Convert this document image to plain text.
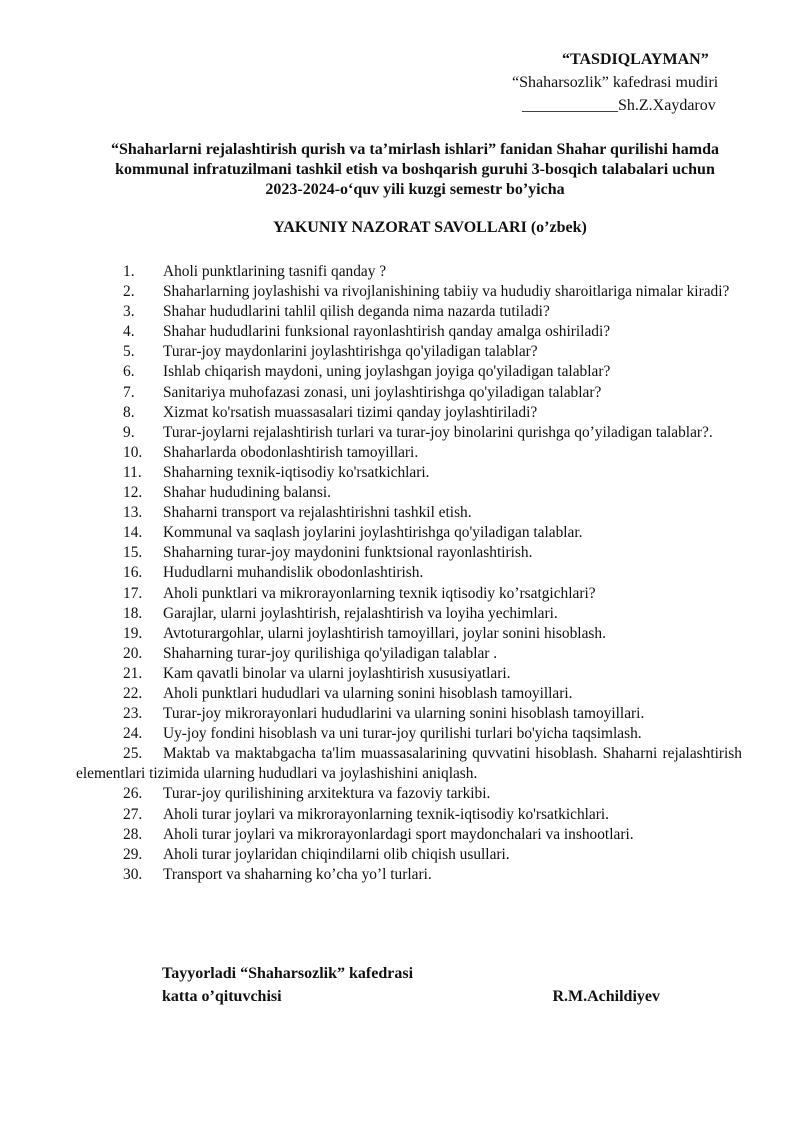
“TASDIQLAYMAN”
“Shaharsozlik” kafedrasi mudiri
____________Sh.Z.Xaydarov
“Shaharlarni rejalashtirish qurish va ta’mirlash ishlari” fanidan Shahar qurilishi hamda kommunal infratuzilmani tashkil etish va boshqarish guruhi 3-bosqich talabalari uchun 2023-2024-o‘quv yili kuzgi semestr bo’yicha
YAKUNIY NAZORAT SAVOLLARI (o’zbek)
1. Aholi punktlarining tasnifi qanday ?
2. Shaharlarning joylashishi va rivojlanishining tabiiy va hududiy sharoitlariga nimalar kiradi?
3. Shahar hududlarini tahlil qilish deganda nima nazarda tutiladi?
4. Shahar hududlarini funksional rayonlashtirish qanday amalga oshiriladi?
5. Turar-joy maydonlarini joylashtirishga qo'yiladigan talablar?
6. Ishlab chiqarish maydoni, uning joylashgan joyiga qo'yiladigan talablar?
7. Sanitariya muhofazasi zonasi, uni joylashtirishga qo'yiladigan talablar?
8. Xizmat ko'rsatish muassasalari tizimi qanday joylashtiriladi?
9. Turar-joylarni rejalashtirish turlari va turar-joy binolarini qurishga qo’yiladigan talablar?.
10. Shaharlarda obodonlashtirish tamoyillari.
11. Shaharning texnik-iqtisodiy ko'rsatkichlari.
12. Shahar hududining balansi.
13. Shaharni transport va rejalashtirishni tashkil etish.
14. Kommunal va saqlash joylarini joylashtirishga qo'yiladigan talablar.
15. Shaharning turar-joy maydonini funktsional rayonlashtirish.
16. Hududlarni muhandislik obodonlashtirish.
17. Aholi punktlari va mikrorayonlarning texnik iqtisodiy ko’rsatgichlari?
18. Garajlar, ularni joylashtirish, rejalashtirish va loyiha yechimlari.
19. Avtoturargohlar, ularni joylashtirish tamoyillari, joylar sonini hisoblash.
20. Shaharning turar-joy qurilishiga qo'yiladigan talablar .
21. Kam qavatli binolar va ularni joylashtirish xususiyatlari.
22. Aholi punktlari hududlari va ularning sonini hisoblash tamoyillari.
23. Turar-joy mikrorayonlari hududlarini va ularning sonini hisoblash tamoyillari.
24. Uy-joy fondini hisoblash va uni turar-joy qurilishi turlari bo'yicha taqsimlash.
25. Maktab va maktabgacha ta'lim muassasalarining quvvatini hisoblash. Shaharni rejalashtirish elementlari tizimida ularning hududlari va joylashishini aniqlash.
26. Turar-joy qurilishining arxitektura va fazoviy tarkibi.
27. Aholi turar joylari va mikrorayonlarning texnik-iqtisodiy ko'rsatkichlari.
28. Aholi turar joylari va mikrorayonlardagi sport maydonchalari va inshootlari.
29. Aholi turar joylaridan chiqindilarni olib chiqish usullari.
30. Transport va shaharning ko’cha yo’l turlari.
Tayyorladi “Shaharsozlik” kafedrasi
katta o’qituvchisi	R.M.Achildiyev
